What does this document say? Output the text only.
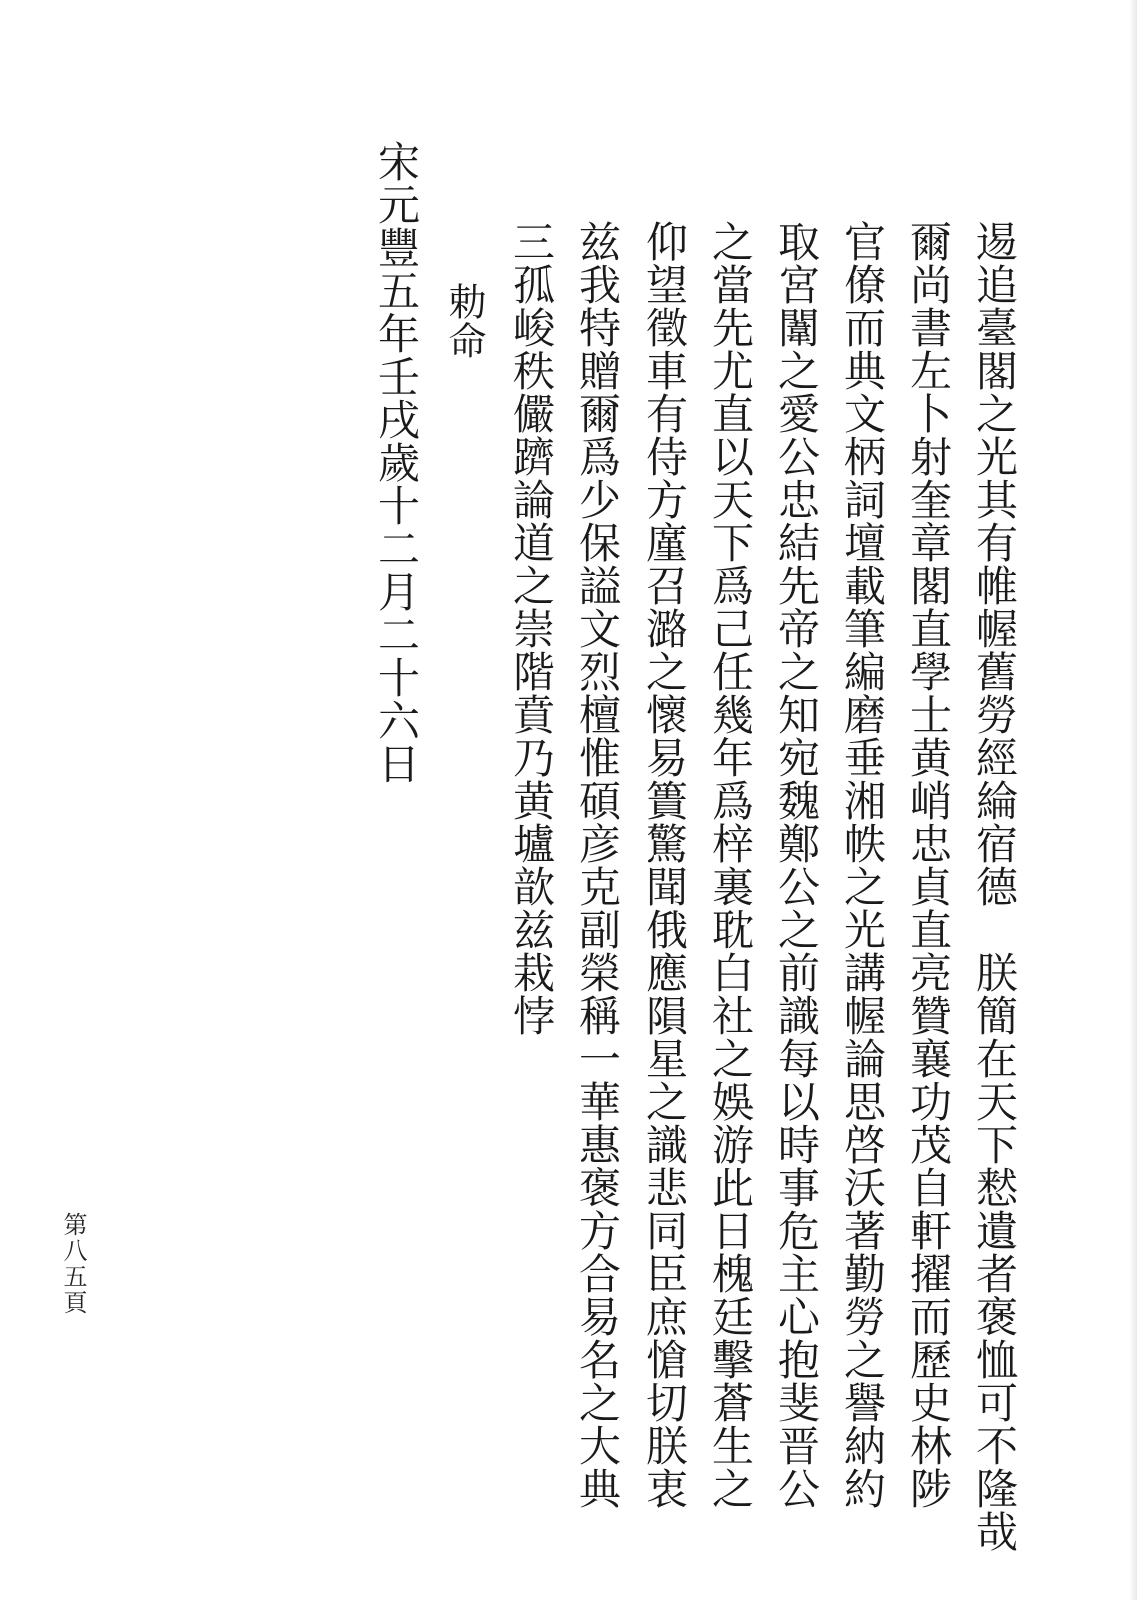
逷追臺閣之光其有帷幄舊勞經綸宿德　朕簡在天下慭遺者褒恤可不隆哉
爾尚書左卜射奎章閣直學士黄峭忠貞直亮贊襄功茂自軒擢而歷史林陟
官僚而典文柄詞壇載筆編磨垂湘帙之光講幄論思啓沃著勤勞之譽納約
取宮闈之愛公忠結先帝之知宛魏鄭公之前識每以時事危主心抱斐晋公
之當先尤直以天下爲己任幾年爲梓裏耽白社之娛游此日槐廷擊蒼生之
仰望徵車有侍方廑召潞之懷易簣驚聞俄應隕星之識悲同臣庶愴切朕衷
兹我特贈爾爲少保謚文烈檀惟碩彦克副榮稱一華惠褒方合易名之大典
三孤峻秩儼躋論道之崇階賁乃黄壚歆兹栽悖
勅命
宋元豐五年壬戌歲十二月二十六日
第八五頁
